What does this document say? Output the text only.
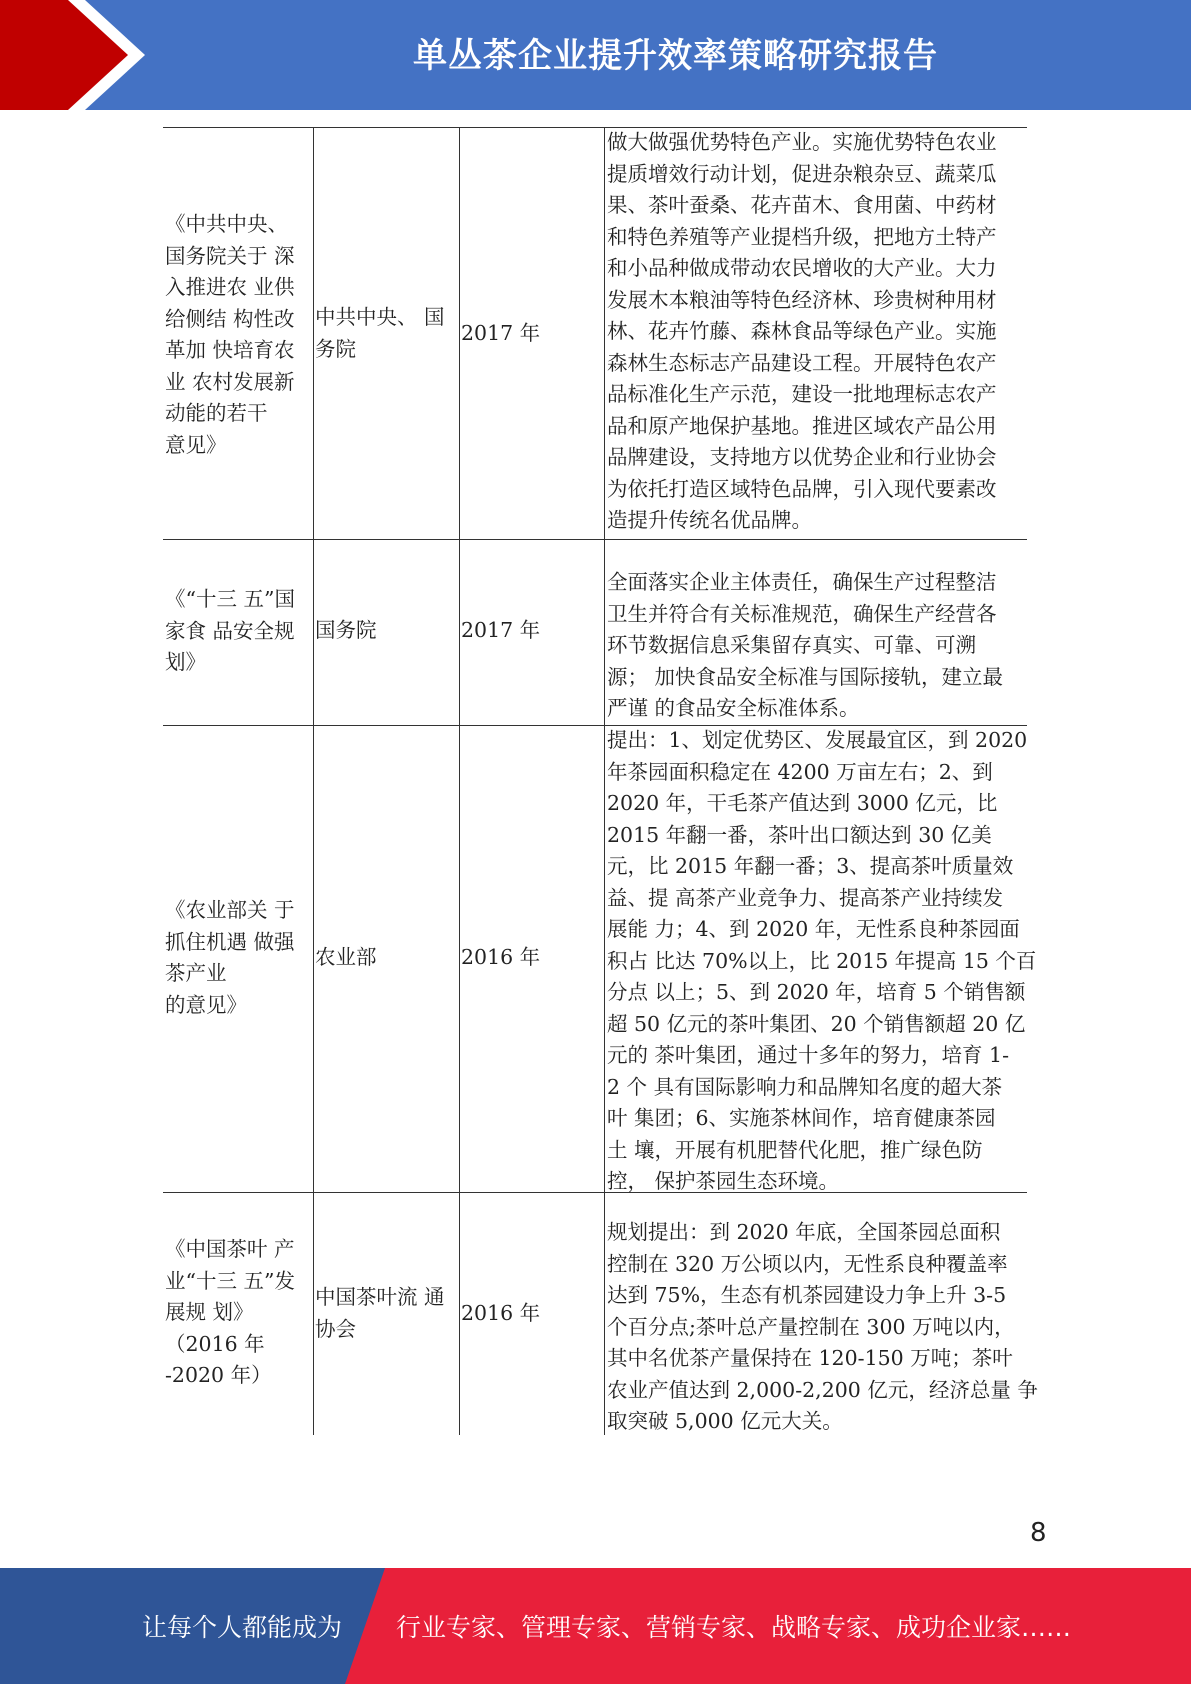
单丛茶企业提升效率策略研究报告
《中共中央、
国务院关于 深
入推进农 业供
给侧结 构性改
革加 快培育农
业 农村发展新
动能的若干
意见》
中共中央、 国
务院
2017 年
做大做强优势特色产业。实施优势特色农业
提质增效行动计划，促进杂粮杂豆、蔬菜瓜
果、茶叶蚕桑、花卉苗木、食用菌、中药材
和特色养殖等产业提档升级，把地方土特产
和小品种做成带动农民增收的大产业。大力
发展木本粮油等特色经济林、珍贵树种用材
林、花卉竹藤、森林食品等绿色产业。实施
森林生态标志产品建设工程。开展特色农产
品标准化生产示范，建设一批地理标志农产
品和原产地保护基地。推进区域农产品公用
品牌建设，支持地方以优势企业和行业协会
为依托打造区域特色品牌，引入现代要素改
造提升传统名优品牌。
《“十三 五”国
家食 品安全规
划》
国务院	2017 年
全面落实企业主体责任，确保生产过程整洁
卫生并符合有关标准规范，确保生产经营各
环节数据信息采集留存真实、可靠、可溯
源； 加快食品安全标准与国际接轨，建立最
严谨 的食品安全标准体系。
《农业部关 于
抓住机遇 做强
茶产业
的意见》
农业部	2016 年
提出：1、划定优势区、发展最宜区，到 2020
年茶园面积稳定在 4200 万亩左右；2、到
2020 年，干毛茶产值达到 3000 亿元，比
2015 年翻一番，茶叶出口额达到 30 亿美
元，比 2015 年翻一番；3、提高茶叶质量效
益、提 高茶产业竞争力、提高茶产业持续发
展能 力；4、到 2020 年，无性系良种茶园面
积占 比达 70%以上，比 2015 年提高 15 个百
分点 以上；5、到 2020 年，培育 5 个销售额
超 50 亿元的茶叶集团、20 个销售额超 20 亿
元的 茶叶集团，通过十多年的努力，培育 1-
2 个 具有国际影响力和品牌知名度的超大茶
叶 集团；6、实施茶林间作，培育健康茶园
土 壤，开展有机肥替代化肥，推广绿色防
控， 保护茶园生态环境。
《中国茶叶 产
业“十三 五”发
展规 划》
（2016 年
-2020 年）
中国茶叶流 通
协会
2016 年
规划提出：到 2020 年底，全国茶园总面积
控制在 320 万公顷以内，无性系良种覆盖率
达到 75%，生态有机茶园建设力争上升 3-5
个百分点;茶叶总产量控制在 300 万吨以内，
其中名优茶产量保持在 120-150 万吨；茶叶
农业产值达到 2,000-2,200 亿元，经济总量 争
取突破 5,000 亿元大关。
8
让每个人都能成为 行业专家、管理专家、营销专家、战略专家、成功企业家……
